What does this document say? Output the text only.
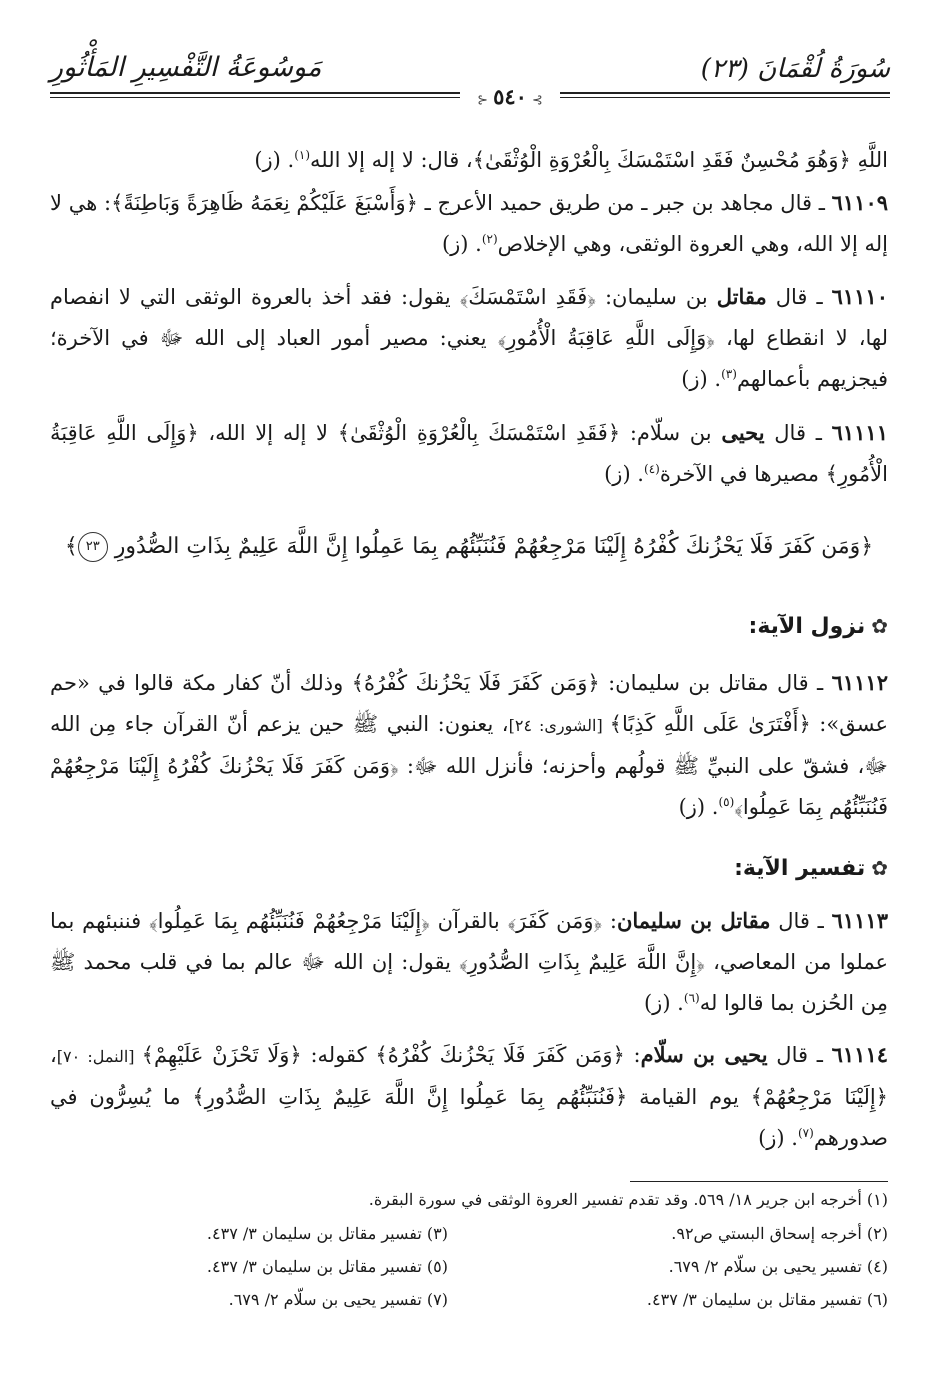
سُورَةُ لُقْمَانَ (٢٣)
مَوسُوعَةُ التَّفْسِيرِ المَأْثُورِ
⊱ ٥٤٠ ⊰

اللَّهِ ﴿وَهُوَ مُحْسِنٌ فَقَدِ اسْتَمْسَكَ بِالْعُرْوَةِ الْوُثْقَىٰ﴾، قال: لا إله إلا الله$^{(١)}$. (ز)

٦١١٠٩ ـ قال مجاهد بن جبر ـ من طريق حميد الأعرج ـ ﴿وَأَسْبَغَ عَلَيْكُمْ نِعَمَهُ ظَاهِرَةً وَبَاطِنَةً﴾: هي لا إله إلا الله، وهي العروة الوثقى، وهي الإخلاص$^{(٢)}$. (ز)

٦١١١٠ ـ قال مقاتل بن سليمان: ﴿فَقَدِ اسْتَمْسَكَ﴾ يقول: فقد أخذ بالعروة الوثقى التي لا انفصام لها، لا انقطاع لها، ﴿وَإِلَى اللَّهِ عَاقِبَةُ الْأُمُورِ﴾ يعني: مصير أمور العباد إلى الله ﷻ في الآخرة؛ فيجزيهم بأعمالهم$^{(٣)}$. (ز)

٦١١١١ ـ قال يحيى بن سلّام: ﴿فَقَدِ اسْتَمْسَكَ بِالْعُرْوَةِ الْوُثْقَىٰ﴾ لا إله إلا الله، ﴿وَإِلَى اللَّهِ عَاقِبَةُ الْأُمُورِ﴾ مصيرها في الآخرة$^{(٤)}$. (ز)

﴿وَمَن كَفَرَ فَلَا يَحْزُنكَ كُفْرُهُ إِلَيْنَا مَرْجِعُهُمْ فَنُنَبِّئُهُم بِمَا عَمِلُوا إِنَّ اللَّهَ عَلِيمٌ بِذَاتِ الصُّدُورِ ٢٣﴾
✿نزول الآية:

٦١١١٢ ـ قال مقاتل بن سليمان: ﴿وَمَن كَفَرَ فَلَا يَحْزُنكَ كُفْرُهُ﴾ وذلك أنّ كفار مكة قالوا في «حم عسق»: ﴿أَفْتَرَىٰ عَلَى اللَّهِ كَذِبًا﴾ [الشورى: ٢٤]، يعنون: النبي ﷺ حين يزعم أنّ القرآن جاء مِن الله ﷻ، فشقّ على النبيِّ ﷺ قولُهم وأحزنه؛ فأنزل الله ﷻ: ﴿وَمَن كَفَرَ فَلَا يَحْزُنكَ كُفْرُهُ إِلَيْنَا مَرْجِعُهُمْ فَنُنَبِّئُهُم بِمَا عَمِلُوا﴾$^{(٥)}$. (ز)

✿تفسير الآية:

٦١١١٣ ـ قال مقاتل بن سليمان: ﴿وَمَن كَفَرَ﴾ بالقرآن ﴿إِلَيْنَا مَرْجِعُهُمْ فَنُنَبِّئُهُم بِمَا عَمِلُوا﴾ فننبئهم بما عملوا من المعاصي، ﴿إِنَّ اللَّهَ عَلِيمٌ بِذَاتِ الصُّدُورِ﴾ يقول: إن الله ﷻ عالم بما في قلب محمد ﷺ مِن الحُزن بما قالوا له$^{(٦)}$. (ز)

٦١١١٤ ـ قال يحيى بن سلّام: ﴿وَمَن كَفَرَ فَلَا يَحْزُنكَ كُفْرُهُ﴾ كقوله: ﴿وَلَا تَحْزَنْ عَلَيْهِمْ﴾ [النمل: ٧٠]، ﴿إِلَيْنَا مَرْجِعُهُمْ﴾ يوم القيامة ﴿فَنُنَبِّئُهُم بِمَا عَمِلُوا إِنَّ اللَّهَ عَلِيمٌ بِذَاتِ الصُّدُورِ﴾ ما يُسِرُّون في صدورهم$^{(٧)}$. (ز)

(١) أخرجه ابن جرير ١٨/ ٥٦٩. وقد تقدم تفسير العروة الوثقى في سورة البقرة.
(٢) أخرجه إسحاق البستي ص٩٢.
(٣) تفسير مقاتل بن سليمان ٣/ ٤٣٧.
(٤) تفسير يحيى بن سلّام ٢/ ٦٧٩.
(٥) تفسير مقاتل بن سليمان ٣/ ٤٣٧.
(٦) تفسير مقاتل بن سليمان ٣/ ٤٣٧.
(٧) تفسير يحيى بن سلّام ٢/ ٦٧٩.
